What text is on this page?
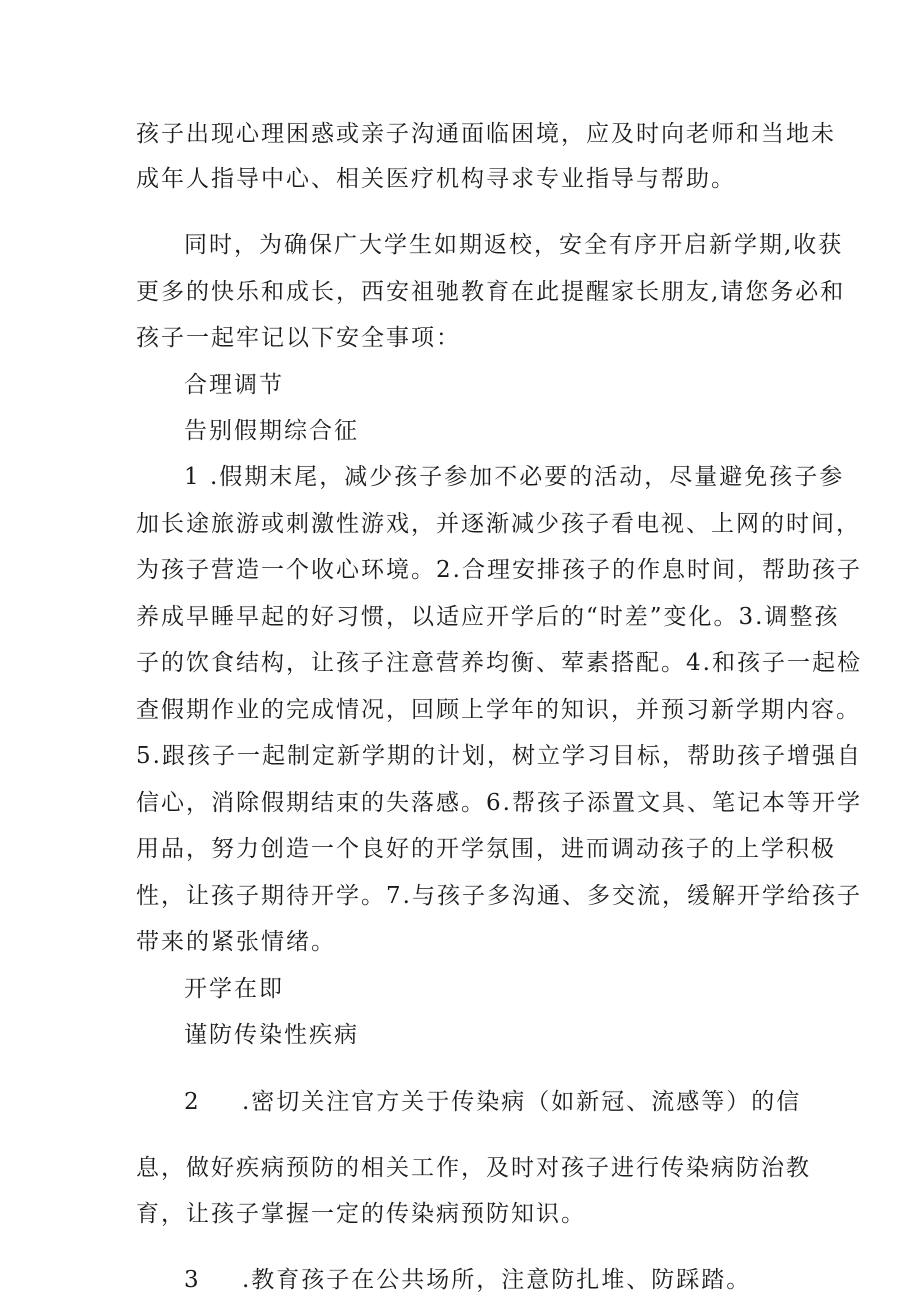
孩子出现心理困惑或亲子沟通面临困境，应及时向老师和当地未
成年人指导中心、相关医疗机构寻求专业指导与帮助。
同时，为确保广大学生如期返校，安全有序开启新学期,收获
更多的快乐和成长，西安祖驰教育在此提醒家长朋友,请您务必和
孩子一起牢记以下安全事项：
合理调节
告别假期综合征
1 .假期末尾，减少孩子参加不必要的活动，尽量避免孩子参
加长途旅游或刺激性游戏，并逐渐减少孩子看电视、上网的时间，
为孩子营造一个收心环境。2.合理安排孩子的作息时间，帮助孩子
养成早睡早起的好习惯，以适应开学后的“时差”变化。3.调整孩
子的饮食结构，让孩子注意营养均衡、荤素搭配。4.和孩子一起检
查假期作业的完成情况，回顾上学年的知识，并预习新学期内容。
5.跟孩子一起制定新学期的计划，树立学习目标，帮助孩子增强自
信心，消除假期结束的失落感。6.帮孩子添置文具、笔记本等开学
用品，努力创造一个良好的开学氛围，进而调动孩子的上学积极
性，让孩子期待开学。7.与孩子多沟通、多交流，缓解开学给孩子
带来的紧张情绪。
开学在即
谨防传染性疾病
2 .密切关注官方关于传染病（如新冠、流感等）的信
息，做好疾病预防的相关工作，及时对孩子进行传染病防治教
育，让孩子掌握一定的传染病预防知识。
3 .教育孩子在公共场所，注意防扎堆、防踩踏。
